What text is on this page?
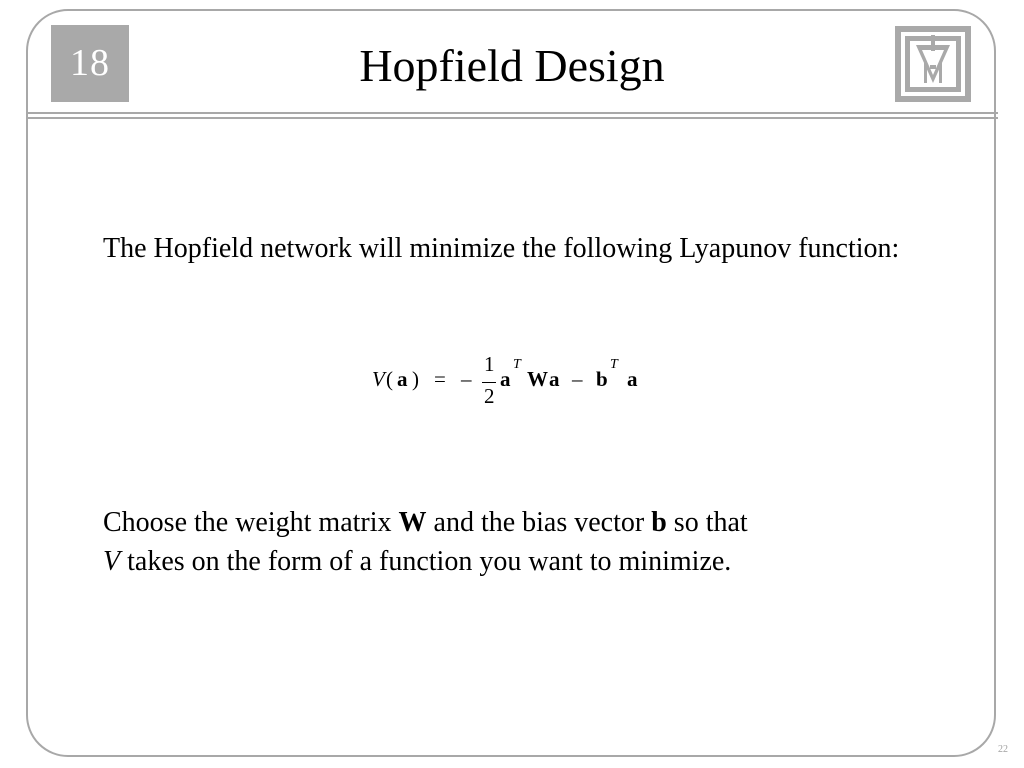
18	Hopfield Design
The Hopfield network will minimize the following Lyapunov function:
V ( a ) = –
1
2
a
T
W a – b
T
a
Choose the weight matrix W and the bias vector b so that
V takes on the form of a function you want to minimize.
22
